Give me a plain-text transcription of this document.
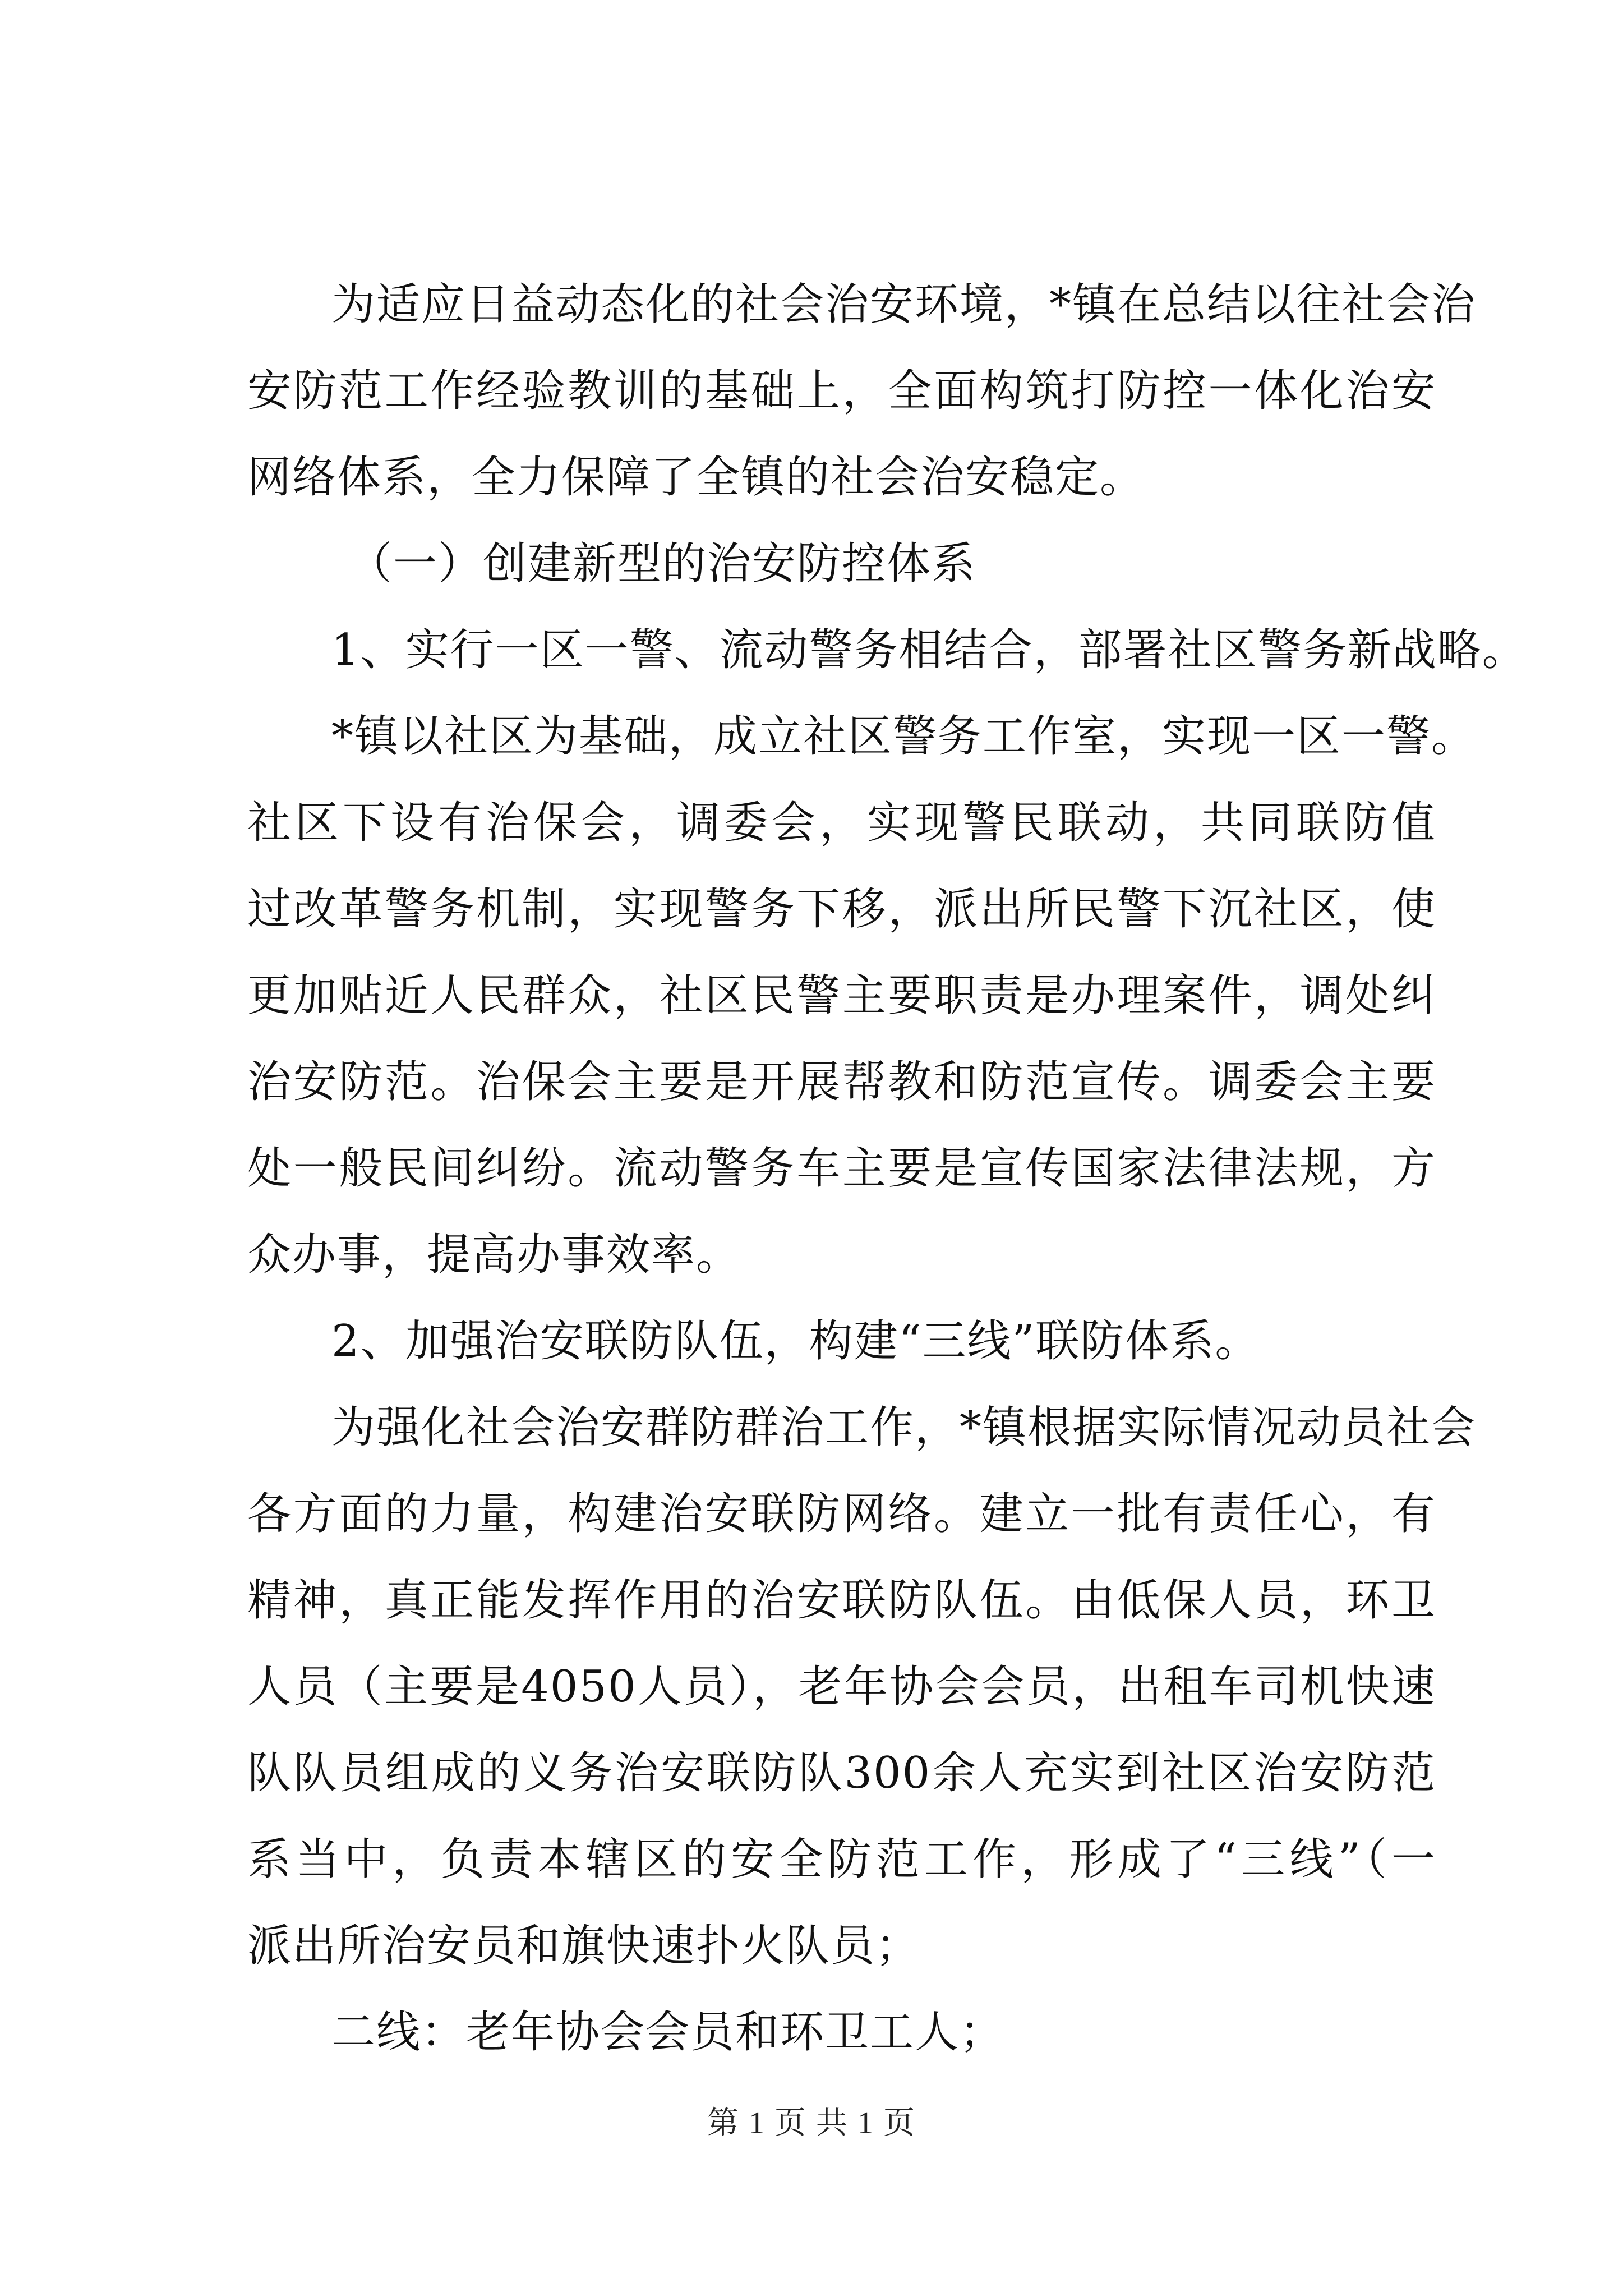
为适应日益动态化的社会治安环境，*镇在总结以往社会治
安防范工作经验教训的基础上，全面构筑打防控一体化治安
网络体系，全力保障了全镇的社会治安稳定。
（一）创建新型的治安防控体系
1、实行一区一警、流动警务相结合，部署社区警务新战略。
*镇以社区为基础，成立社区警务工作室，实现一区一警。
社区下设有治保会，调委会，实现警民联动，共同联防值
过改革警务机制，实现警务下移，派出所民警下沉社区，使
更加贴近人民群众，社区民警主要职责是办理案件，调处纠
治安防范。治保会主要是开展帮教和防范宣传。调委会主要
处一般民间纠纷。流动警务车主要是宣传国家法律法规，方
众办事，提高办事效率。
2、加强治安联防队伍，构建“三线”联防体系。
为强化社会治安群防群治工作，*镇根据实际情况动员社会
各方面的力量，构建治安联防网络。建立一批有责任心，有
精神，真正能发挥作用的治安联防队伍。由低保人员，环卫
人员（主要是4050人员），老年协会会员，出租车司机快速
队队员组成的义务治安联防队300余人充实到社区治安防范
系当中，负责本辖区的安全防范工作，形成了“三线”（一
派出所治安员和旗快速扑火队员；
二线：老年协会会员和环卫工人；
第 1 页 共 1 页
